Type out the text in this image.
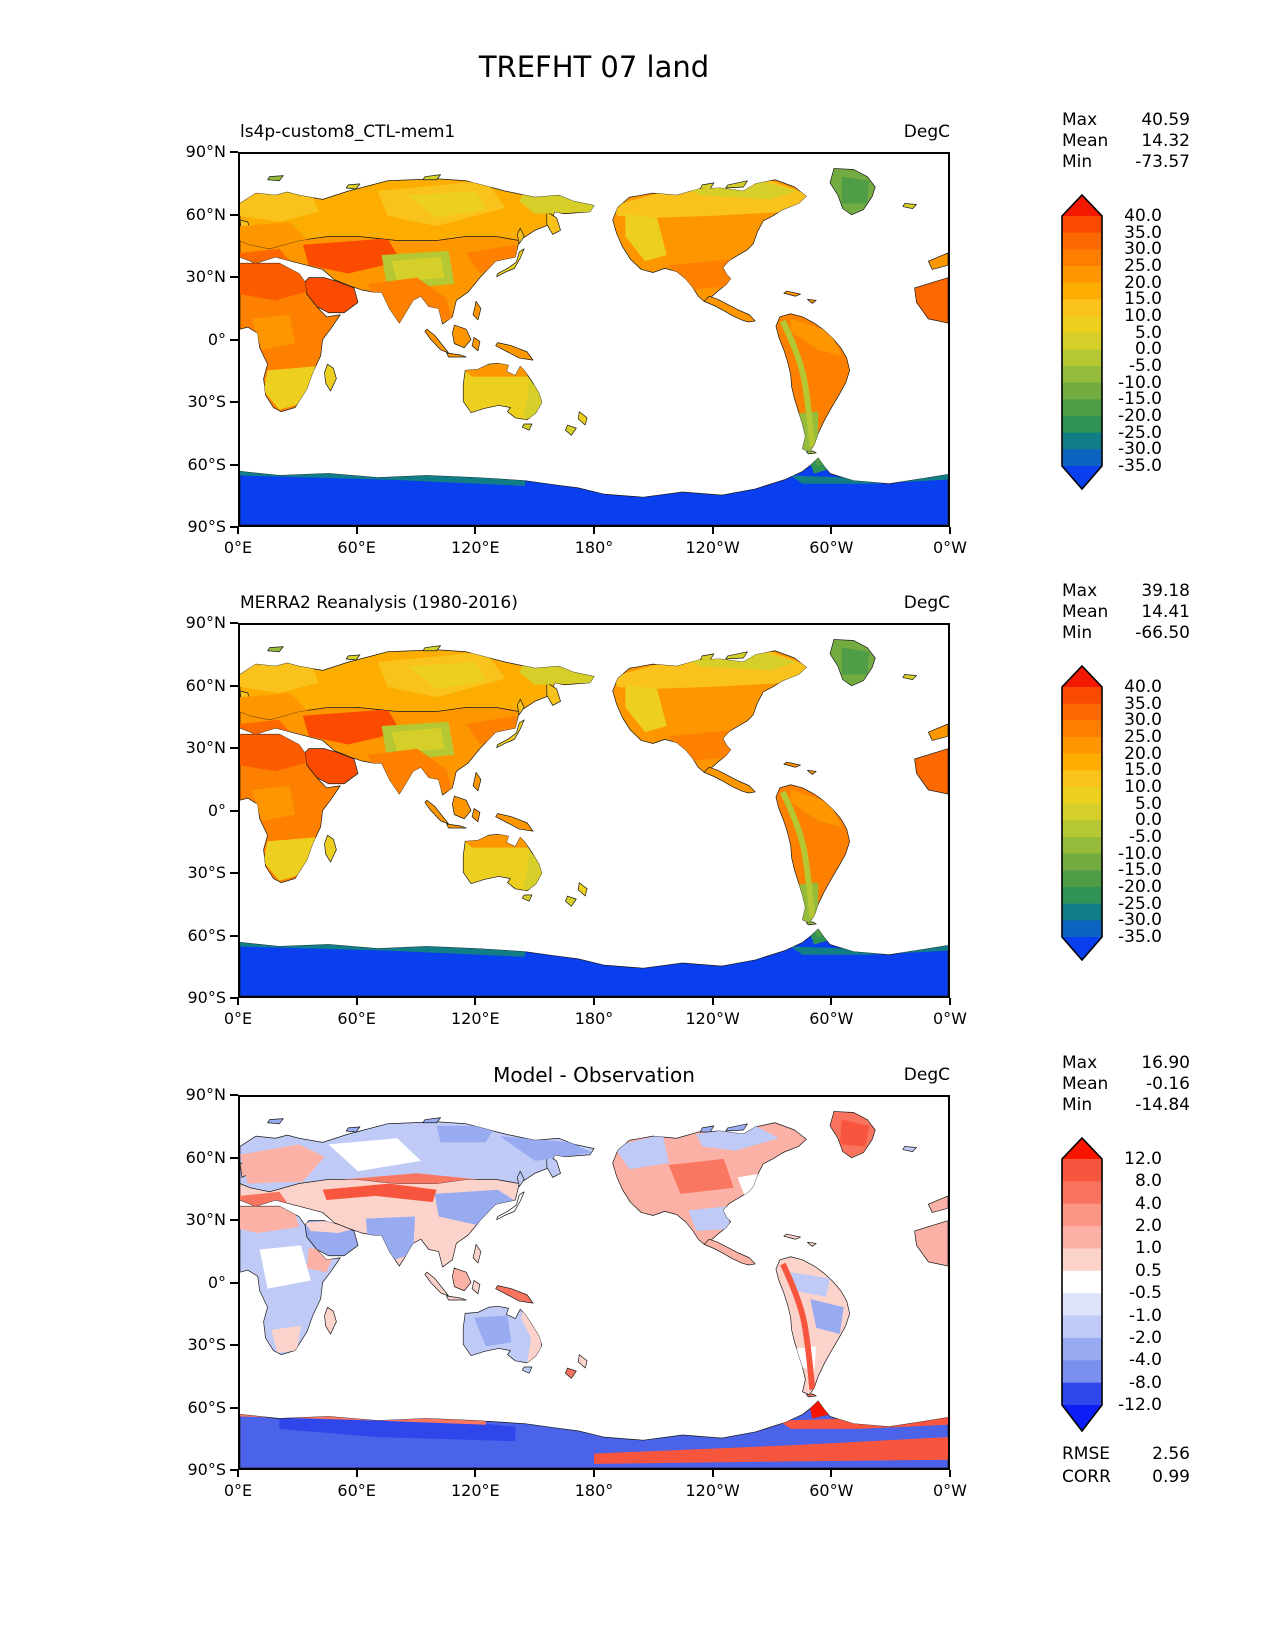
TREFHT 07 land
ls4p-custom8_CTL-mem1	DegC
Max	40.59
Mean 14.32
Min	-73.57
40.0
35.0
30.0
25.0
20.0
15.0
10.0
5.0
0.0
-5.0
-10.0
-15.0
-20.0
-25.0
-30.0
-35.0
90°N
60°N
30°N
0°
30°S
60°S
90°S
0°E	60°E	120°E	180°	120°W	60°W	0°W
MERRA2 Reanalysis (1980-2016)	DegC
Max	39.18
Mean 14.41
Min	-66.50
40.0
35.0
30.0
25.0
20.0
15.0
10.0
5.0
0.0
-5.0
-10.0
-15.0
-20.0
-25.0
-30.0
-35.0
90°N
60°N
30°N
0°
30°S
60°S
90°S
0°E	60°E	120°E	180°	120°W	60°W	0°W
Model - Observation	DegC
Max	16.90
Mean -0.16
Min	-14.84
12.0
8.0
4.0
2.0
1.0
0.5
-0.5
-1.0
-2.0
-4.0
-8.0
-12.0
RMSE 2.56
CORR 0.99
90°N
60°N
30°N
0°
30°S
60°S
90°S
0°E	60°E	120°E	180°	120°W	60°W	0°W
